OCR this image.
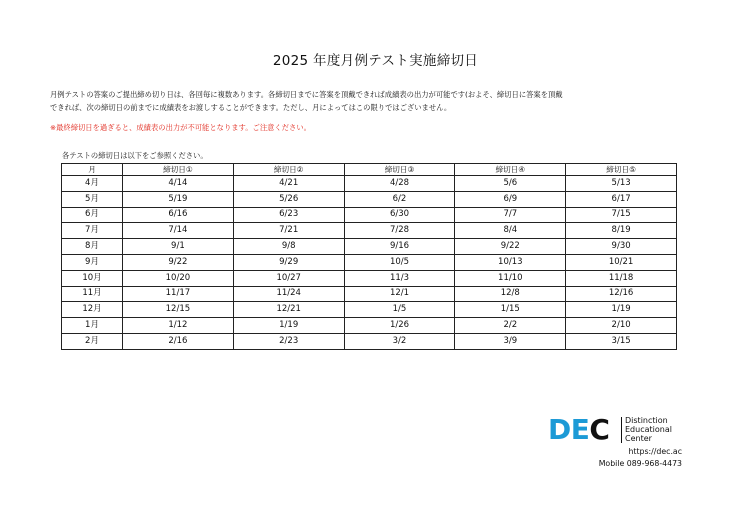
2025 年度月例テスト実施締切日
月例テストの答案のご提出締め切り日は、各回毎に複数あります。各締切日までに答案を頂戴できれば成績表の出力が可能です(およそ、締切日に答案を頂戴
できれば、次の締切日の前までに成績表をお渡しすることができます。ただし、月によってはこの限りではございません。
※最終締切日を過ぎると、成績表の出力が不可能となります。ご注意ください。
各テストの締切日は以下をご参照ください。
月	締切日①	締切日②	締切日③	締切日④	締切日⑤
4月	4/14	4/21	4/28	5/6	5/13
5月	5/19	5/26	6/2	6/9	6/17
6月	6/16	6/23	6/30	7/7	7/15
7月	7/14	7/21	7/28	8/4	8/19
8月	9/1	9/8	9/16	9/22	9/30
9月	9/22	9/29	10/5	10/13	10/21
10月	10/20	10/27	11/3	11/10	11/18
11月	11/17	11/24	12/1	12/8	12/16
12月	12/15	12/21	1/5	1/15	1/19
1月	1/12	1/19	1/26	2/2	2/10
2月	2/16	2/23	3/2	3/9	3/15
DEC Distinction
Educational
Center
https://dec.ac
Mobile 089-968-4473
